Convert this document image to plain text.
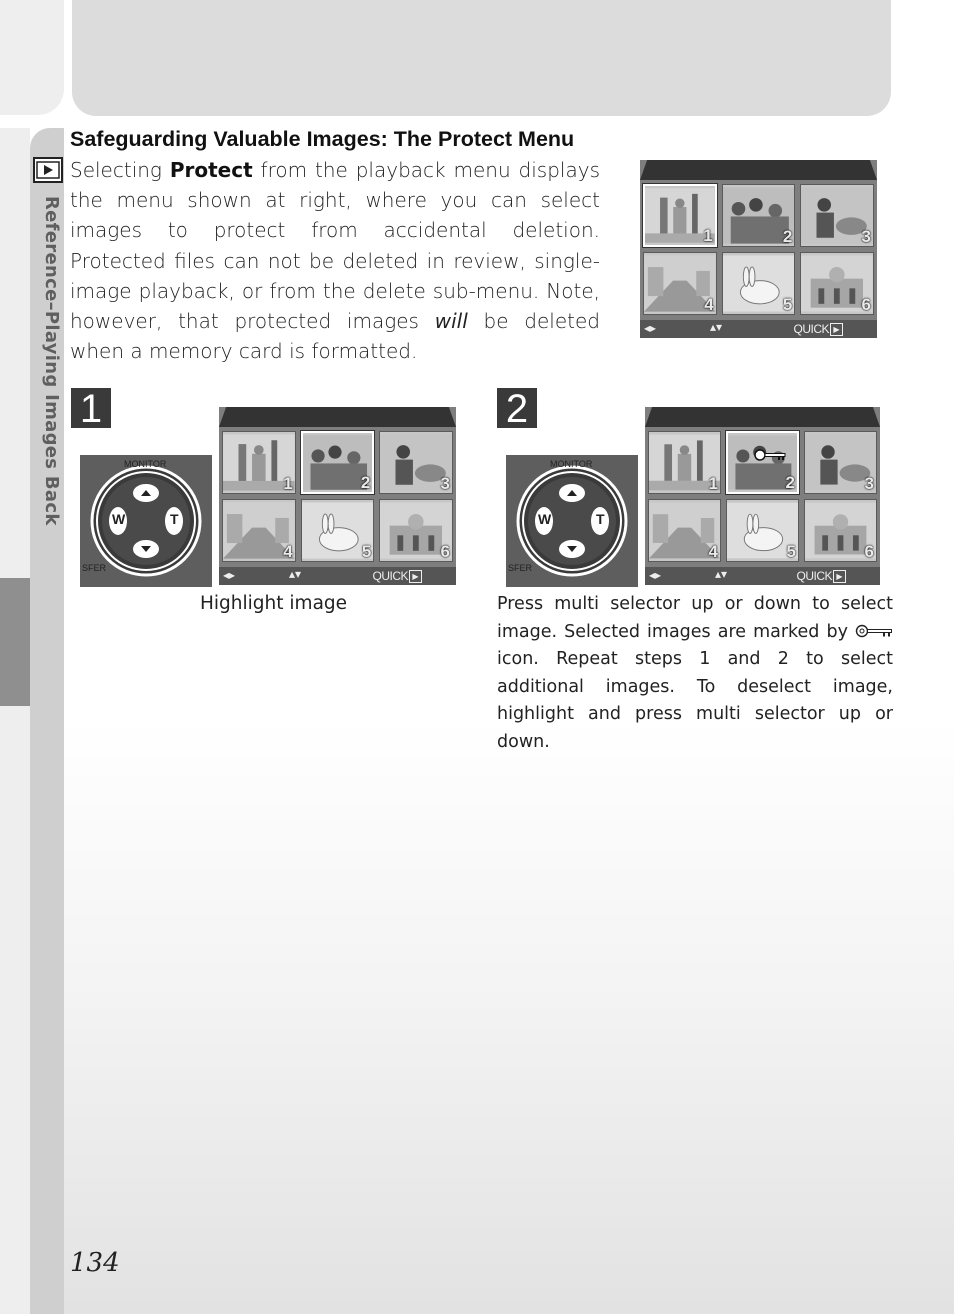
Reference–Playing Images Back
Safeguarding Valuable Images: The Protect Menu
Selecting Protect from the playback menu displays the menu shown at right, where you can select images to protect from accidental deletion. Protected files can not be deleted in review, single-image playback, or from the delete sub-menu. Note, however, that protected images will be deleted when a memory card is formatted.
1	2	3
4	5	6
◂▸	▴▾	QUICK ▶
1
W	T
MONITOR
SFER
1	2	3
4	5	6
◂▸	▴▾	QUICK ▶
Highlight image
2
W	T
MONITOR
SFER
1	2	3
4	5	6
◂▸	▴▾	QUICK ▶
Press multi selector up or down to select image. Selected images are marked by  icon. Repeat steps 1 and 2 to select additional images. To deselect image, highlight and press multi selector up or down.
134
